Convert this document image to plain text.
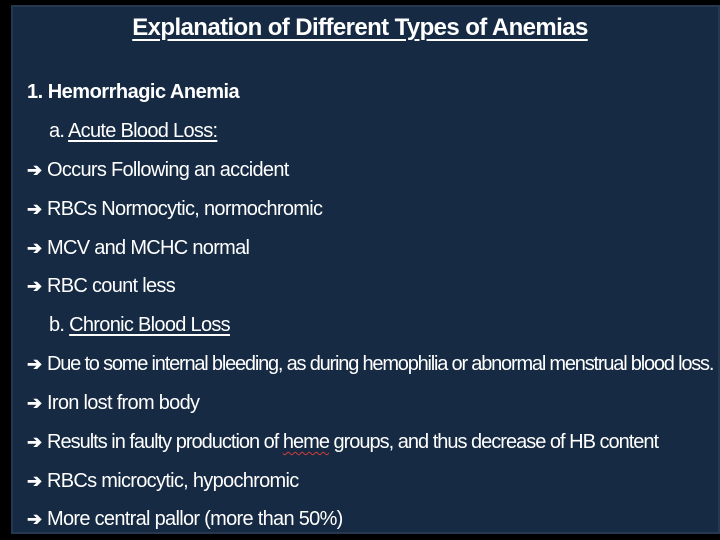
Explanation of Different Types of Anemias
1. Hemorrhagic Anemia
a. Acute Blood Loss:
➔ Occurs Following an accident
➔ RBCs Normocytic, normochromic
➔ MCV and MCHC normal
➔ RBC count less
b. Chronic Blood Loss
➔ Due to some internal bleeding, as during hemophilia or abnormal menstrual blood loss.
➔ Iron lost from body
➔ Results in faulty production of heme groups, and thus decrease of HB content
➔ RBCs microcytic, hypochromic
➔ More central pallor (more than 50%)
